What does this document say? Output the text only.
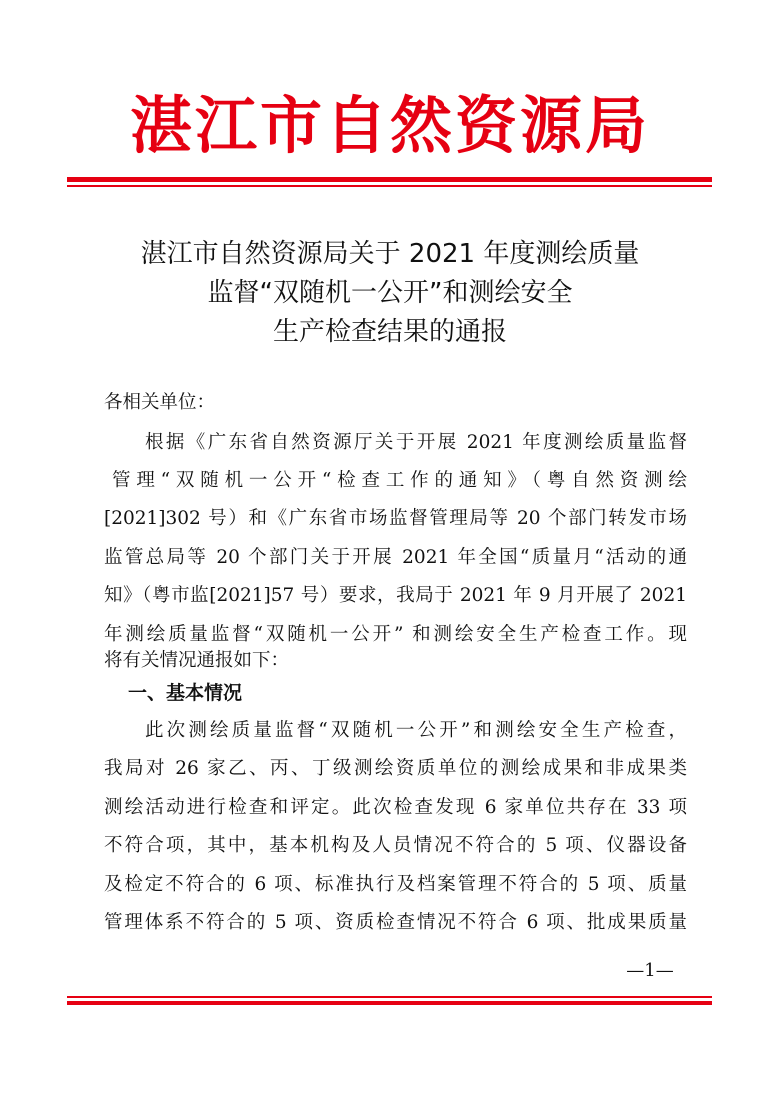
湛江市自然资源局
湛江市自然资源局关于 2021 年度测绘质量
监督“双随机一公开”和测绘安全
生产检查结果的通报
各相关单位：
根据《广东省自然资源厅关于开展 2021 年度测绘质量监督
管理“双随机一公开“检查工作的通知》（粤自然资测绘
[2021]302 号）和《广东省市场监督管理局等 20 个部门转发市场
监管总局等 20 个部门关于开展 2021 年全国“质量月“活动的通
知》（粤市监[2021]57 号）要求，我局于 2021 年 9 月开展了 2021
年测绘质量监督“双随机一公开” 和测绘安全生产检查工作。现
将有关情况通报如下：
一、基本情况
此次测绘质量监督“双随机一公开”和测绘安全生产检查，
我局对 26 家乙、丙、丁级测绘资质单位的测绘成果和非成果类
测绘活动进行检查和评定。此次检查发现 6 家单位共存在 33 项
不符合项，其中，基本机构及人员情况不符合的 5 项、仪器设备
及检定不符合的 6 项、标准执行及档案管理不符合的 5 项、质量
管理体系不符合的 5 项、资质检查情况不符合 6 项、批成果质量
—1—
